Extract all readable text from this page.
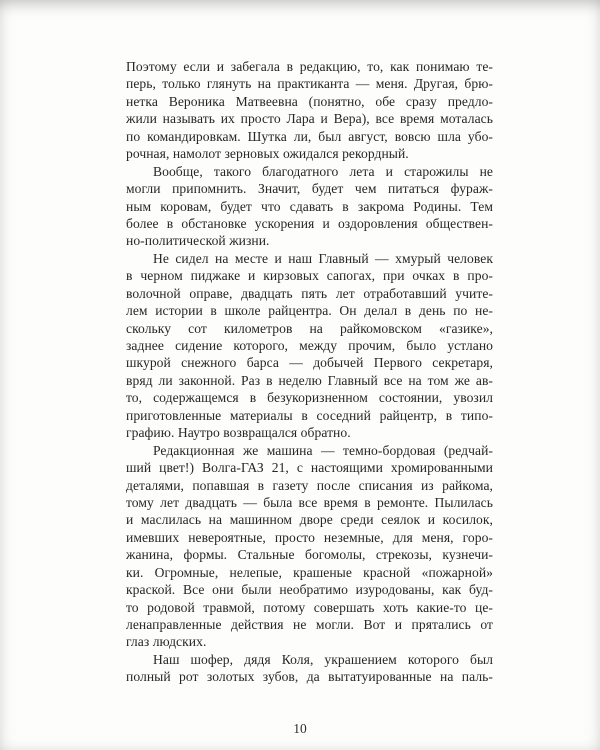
Поэтому если и забегала в редакцию, то, как понимаю те-
перь, только глянуть на практиканта — меня. Другая, брю-
нетка Вероника Матвеевна (понятно, обе сразу предло-
жили называть их просто Лара и Вера), все время моталась
по командировкам. Шутка ли, был август, вовсю шла убо-
рочная, намолот зерновых ожидался рекордный.
Вообще, такого благодатного лета и старожилы не
могли припомнить. Значит, будет чем питаться фураж-
ным коровам, будет что сдавать в закрома Родины. Тем
более в обстановке ускорения и оздоровления обществен-
но-политической жизни.
Не сидел на месте и наш Главный — хмурый человек
в черном пиджаке и кирзовых сапогах, при очках в про-
волочной оправе, двадцать пять лет отработавший учите-
лем истории в школе райцентра. Он делал в день по не-
скольку сот километров на райкомовском «газике»,
заднее сидение которого, между прочим, было устлано
шкурой снежного барса — добычей Первого секретаря,
вряд ли законной. Раз в неделю Главный все на том же ав-
то, содержащемся в безукоризненном состоянии, увозил
приготовленные материалы в соседний райцентр, в типо-
графию. Наутро возвращался обратно.
Редакционная же машина — темно-бордовая (редчай-
ший цвет!) Волга-ГАЗ 21, с настоящими хромированными
деталями, попавшая в газету после списания из райкома,
тому лет двадцать — была все время в ремонте. Пылилась
и маслилась на машинном дворе среди сеялок и косилок,
имевших невероятные, просто неземные, для меня, горо-
жанина, формы. Стальные богомолы, стрекозы, кузнечи-
ки. Огромные, нелепые, крашеные красной «пожарной»
краской. Все они были необратимо изуродованы, как буд-
то родовой травмой, потому совершать хоть какие-то це-
ленаправленные действия не могли. Вот и прятались от
глаз людских.
Наш шофер, дядя Коля, украшением которого был
полный рот золотых зубов, да вытатуированные на паль-
10
